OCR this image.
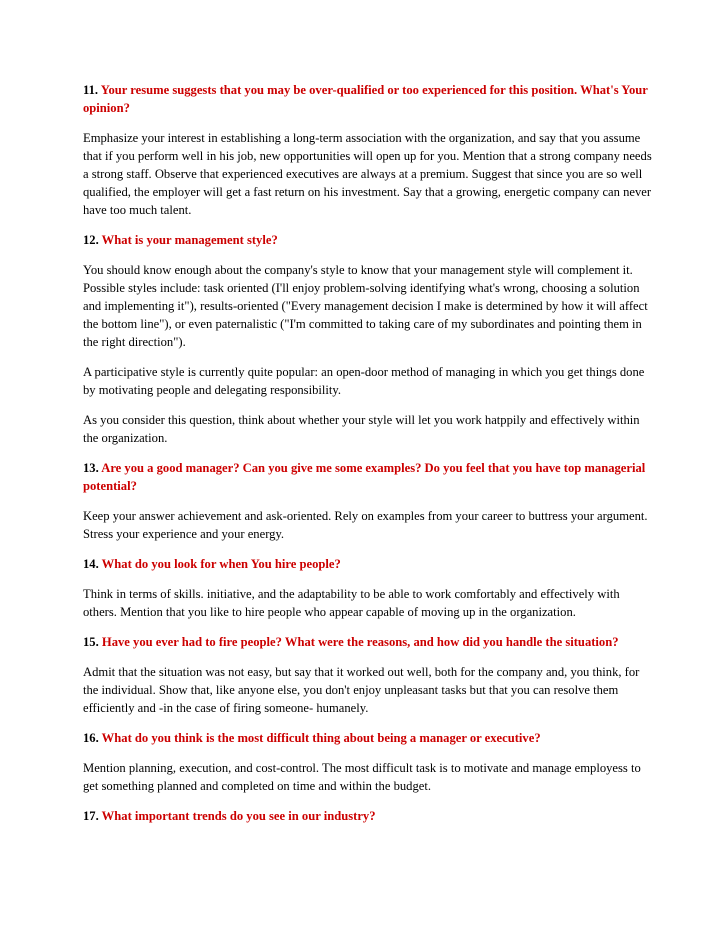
11. Your resume suggests that you may be over-qualified or too experienced for this position. What's Your opinion?
Emphasize your interest in establishing a long-term association with the organization, and say that you assume that if you perform well in his job, new opportunities will open up for you. Mention that a strong company needs a strong staff. Observe that experienced executives are always at a premium. Suggest that since you are so well qualified, the employer will get a fast return on his investment. Say that a growing, energetic company can never have too much talent.
12. What is your management style?
You should know enough about the company's style to know that your management style will complement it. Possible styles include: task oriented (I'll enjoy problem-solving identifying what's wrong, choosing a solution and implementing it"), results-oriented ("Every management decision I make is determined by how it will affect the bottom line"), or even paternalistic ("I'm committed to taking care of my subordinates and pointing them in the right direction").
A participative style is currently quite popular: an open-door method of managing in which you get things done by motivating people and delegating responsibility.
As you consider this question, think about whether your style will let you work hatppily and effectively within the organization.
13. Are you a good manager? Can you give me some examples? Do you feel that you have top managerial potential?
Keep your answer achievement and ask-oriented. Rely on examples from your career to buttress your argument. Stress your experience and your energy.
14. What do you look for when You hire people?
Think in terms of skills. initiative, and the adaptability to be able to work comfortably and effectively with others. Mention that you like to hire people who appear capable of moving up in the organization.
15. Have you ever had to fire people? What were the reasons, and how did you handle the situation?
Admit that the situation was not easy, but say that it worked out well, both for the company and, you think, for the individual. Show that, like anyone else, you don't enjoy unpleasant tasks but that you can resolve them efficiently and -in the case of firing someone- humanely.
16. What do you think is the most difficult thing about being a manager or executive?
Mention planning, execution, and cost-control. The most difficult task is to motivate and manage employess to get something planned and completed on time and within the budget.
17. What important trends do you see in our industry?
